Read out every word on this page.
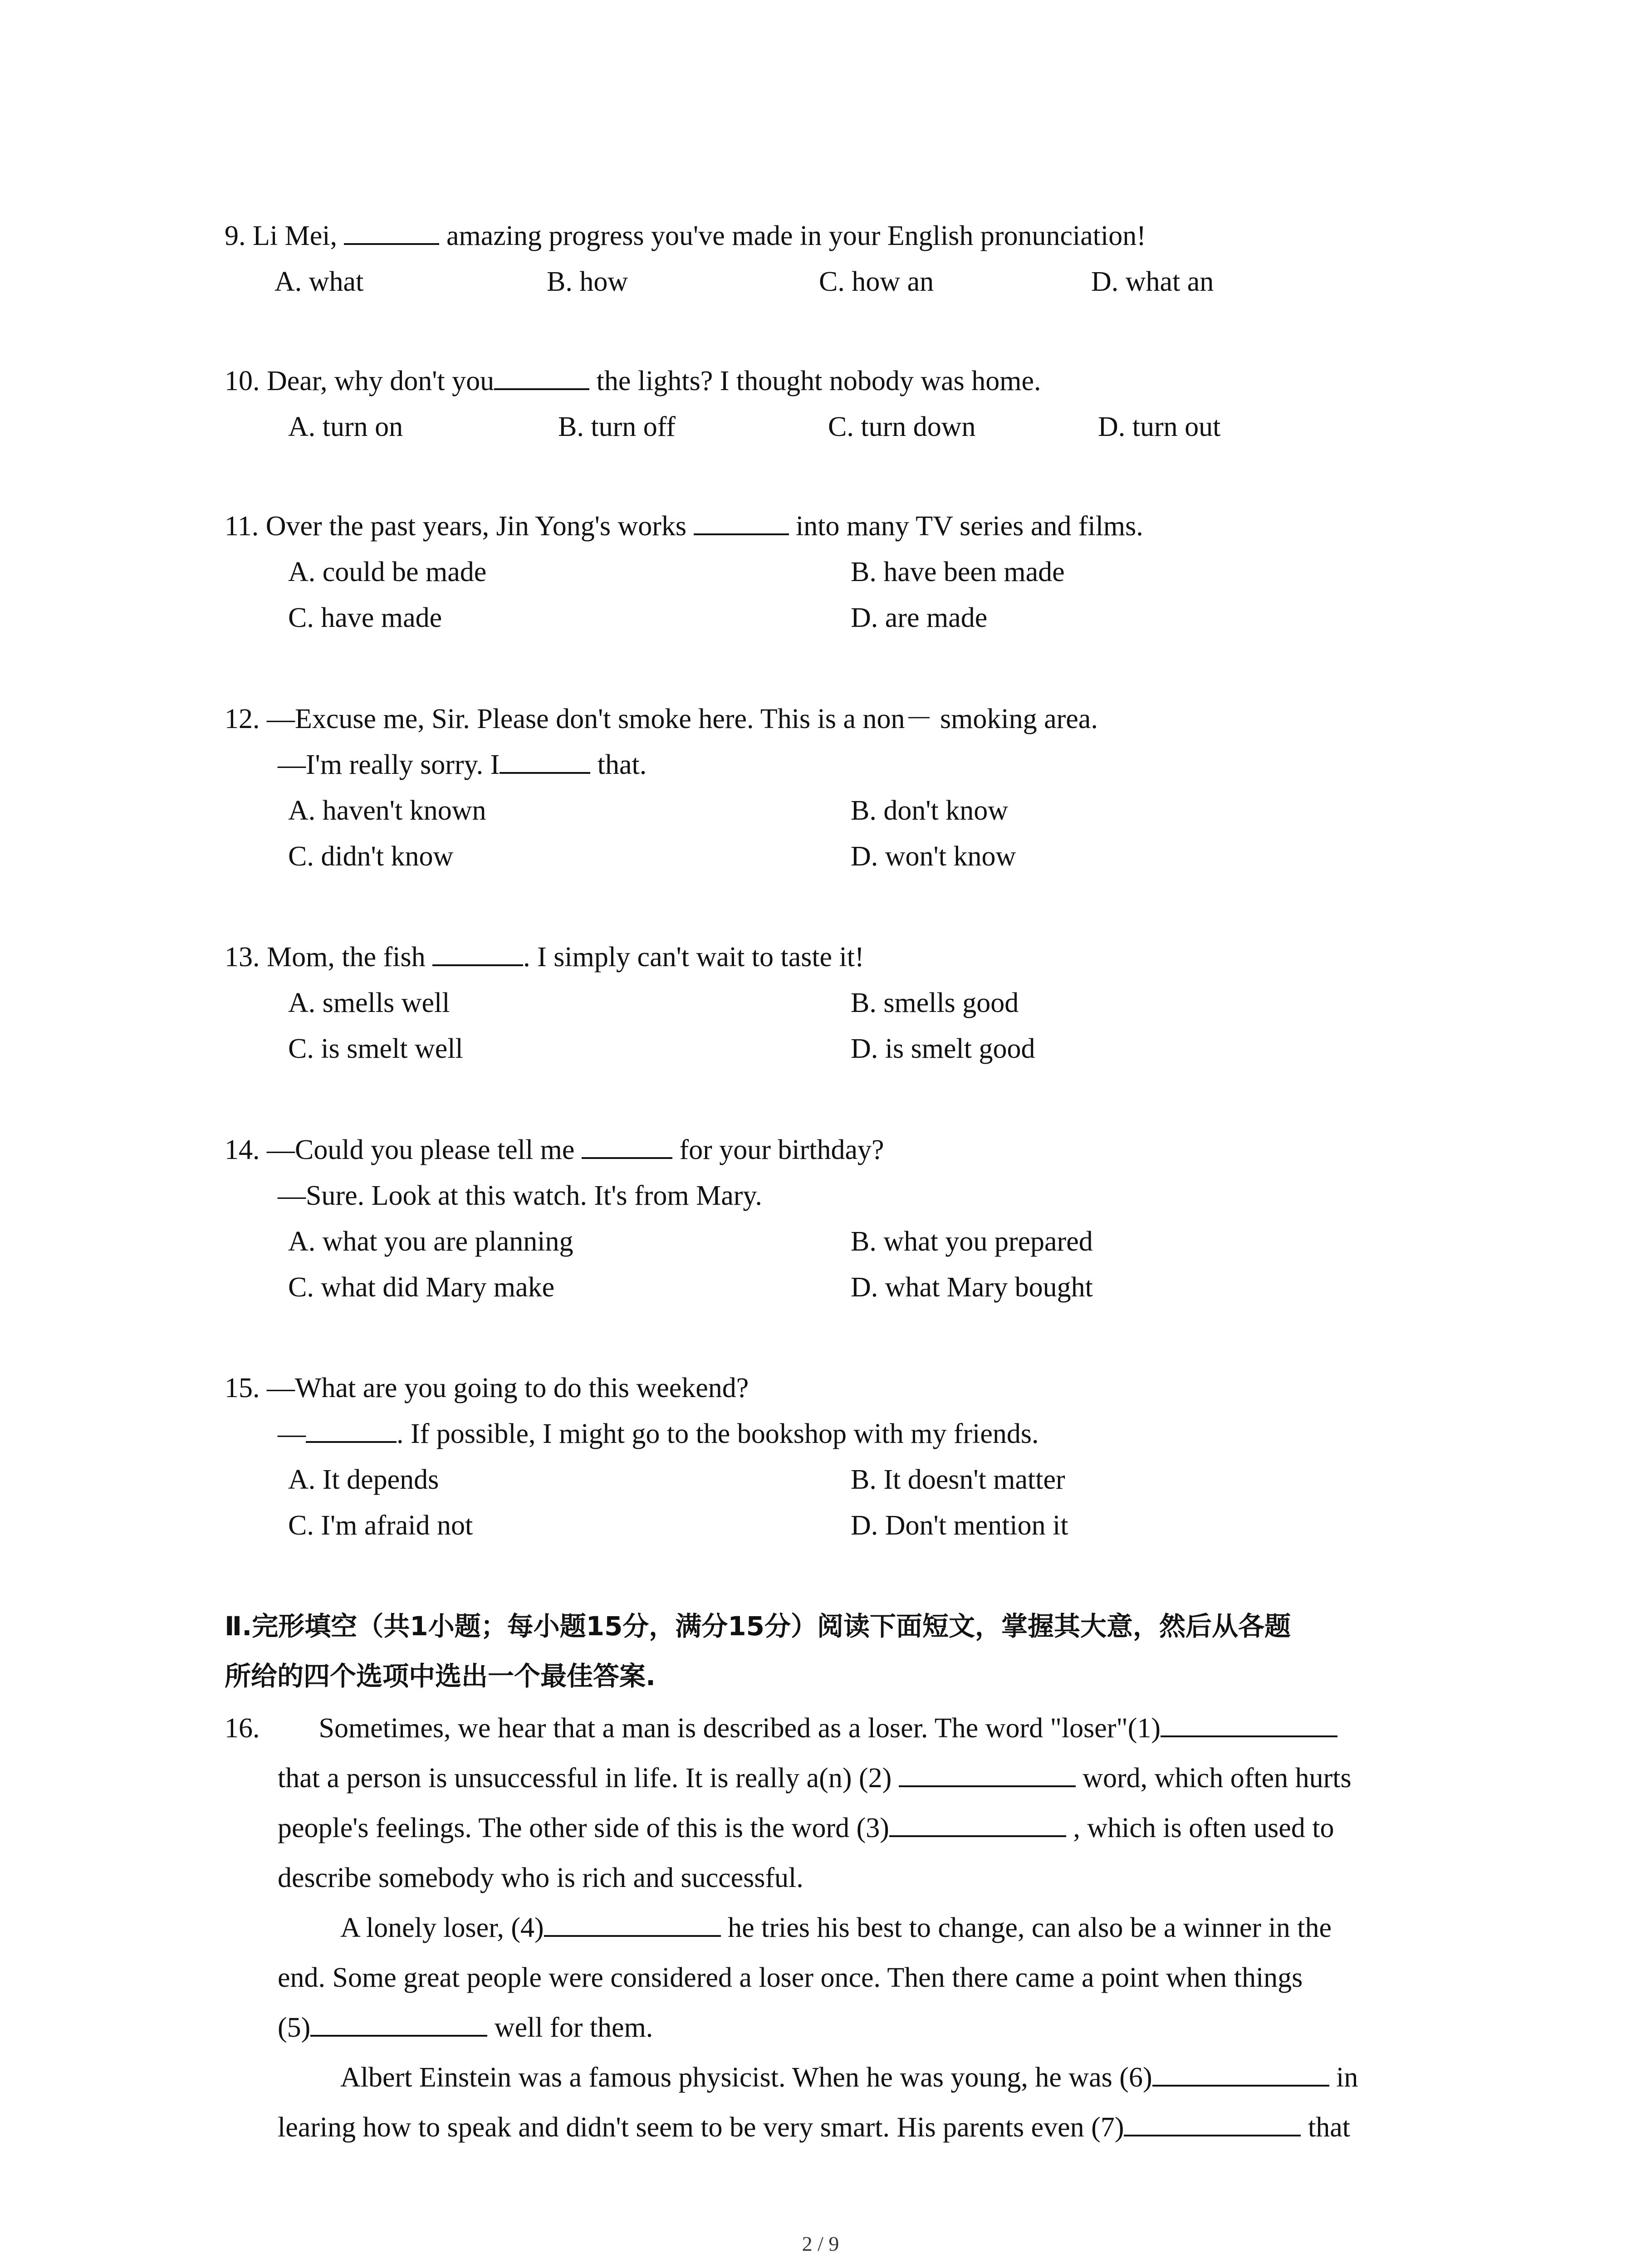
9. Li Mei,	amazing progress you've made in your English pronunciation!
A. what	B. how	C. how an	D. what an
10. Dear, why don't you	the lights? I thought nobody was home.
A. turn on	B. turn off	C. turn down	D. turn out
11. Over the past years, Jin Yong's works	into many TV series and films.
A. could be made	B. have been made
C. have made	D. are made
12. —Excuse me, Sir. Please don't smoke here. This is a non－ smoking area.
—I'm really sorry. I	that.
A. haven't known	B. don't know
C. didn't know	D. won't know
13. Mom, the fish	. I simply can't wait to taste it!
A. smells well	B. smells good
C. is smelt well	D. is smelt good
14. —Could you please tell me	for your birthday?
—Sure. Look at this watch. It's from Mary.
A. what you are planning	B. what you prepared
C. what did Mary make	D. what Mary bought
15. —What are you going to do this weekend?
—	. If possible, I might go to the bookshop with my friends.
A. It depends	B. It doesn't matter
C. I'm afraid not	D. Don't mention it
Ⅱ.完形填空（共1小题；每小题15分，满分15分）阅读下面短文，掌握其大意，然后从各题
所给的四个选项中选出一个最佳答案.
16. Sometimes, we hear that a man is described as a loser. The word "loser"(1)
that a person is unsuccessful in life. It is really a(n) (2)	word, which often hurts
people's feelings. The other side of this is the word (3)	, which is often used to
describe somebody who is rich and successful.
A lonely loser, (4)	he tries his best to change, can also be a winner in the
end. Some great people were considered a loser once. Then there came a point when things
(5)	well for them.
Albert Einstein was a famous physicist. When he was young, he was (6)	in
learing how to speak and didn't seem to be very smart. His parents even (7)	that
2 / 9
